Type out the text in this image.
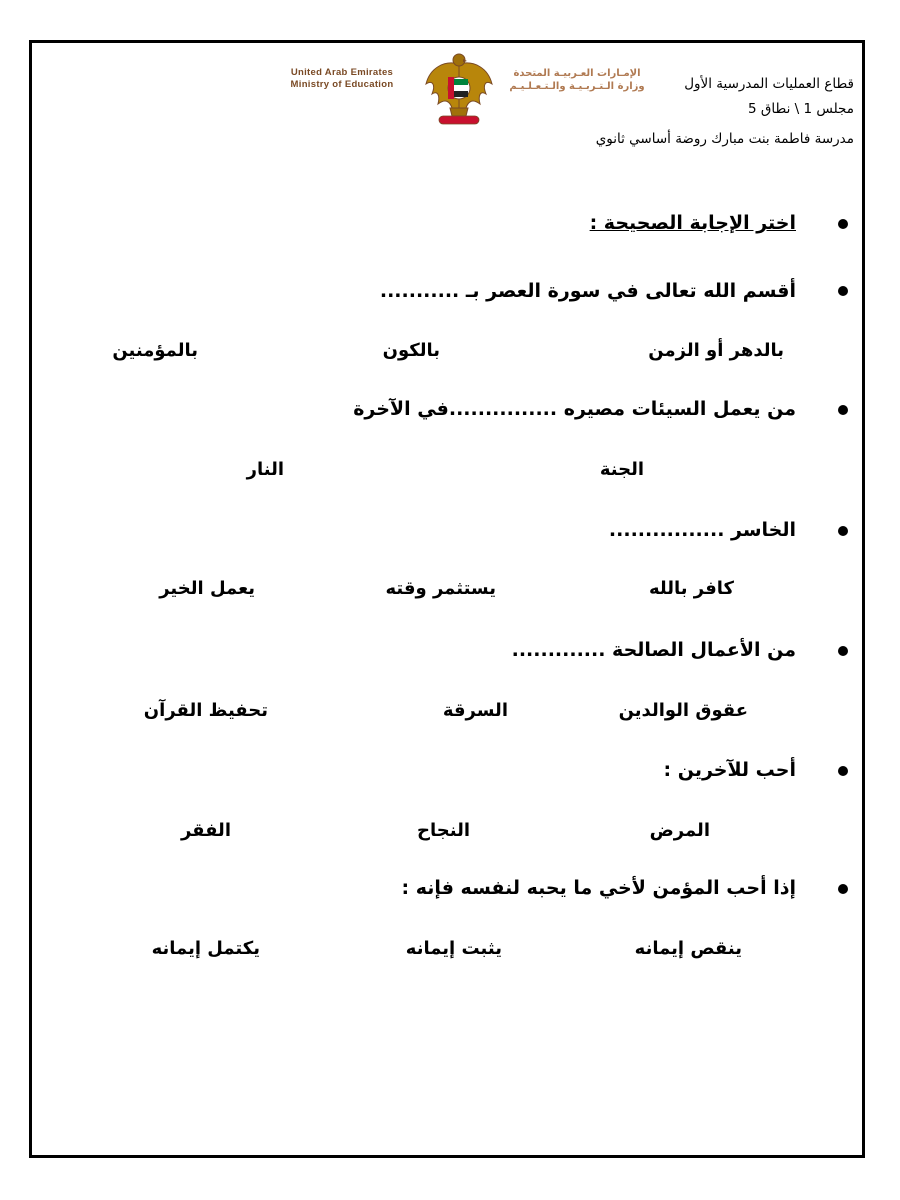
قطاع العمليات المدرسية الأول
مجلس 1 \ نطاق 5
مدرسة فاطمة بنت مبارك روضة أساسي ثانوي
United Arab Emirates
Ministry of Education
الإمـارات العـربيـة المتحدة
وزارة الـتـربـيـة والـتـعـلـيـم
اختر الإجابة الصحيحة :
أقسم الله تعالى في سورة العصر بـ ...........
بالدهر أو الزمن
بالكون
بالمؤمنين
من يعمل السيئات مصيره ...............في الآخرة
الجنة
النار
الخاسر ................
كافر بالله
يستثمر وقته
يعمل الخير
من الأعمال الصالحة .............
عقوق الوالدين
السرقة
تحفيظ القرآن
أحب للآخرين :
المرض
النجاح
الفقر
إذا أحب المؤمن لأخي ما يحبه لنفسه فإنه :
ينقص إيمانه
يثبت إيمانه
يكتمل إيمانه
